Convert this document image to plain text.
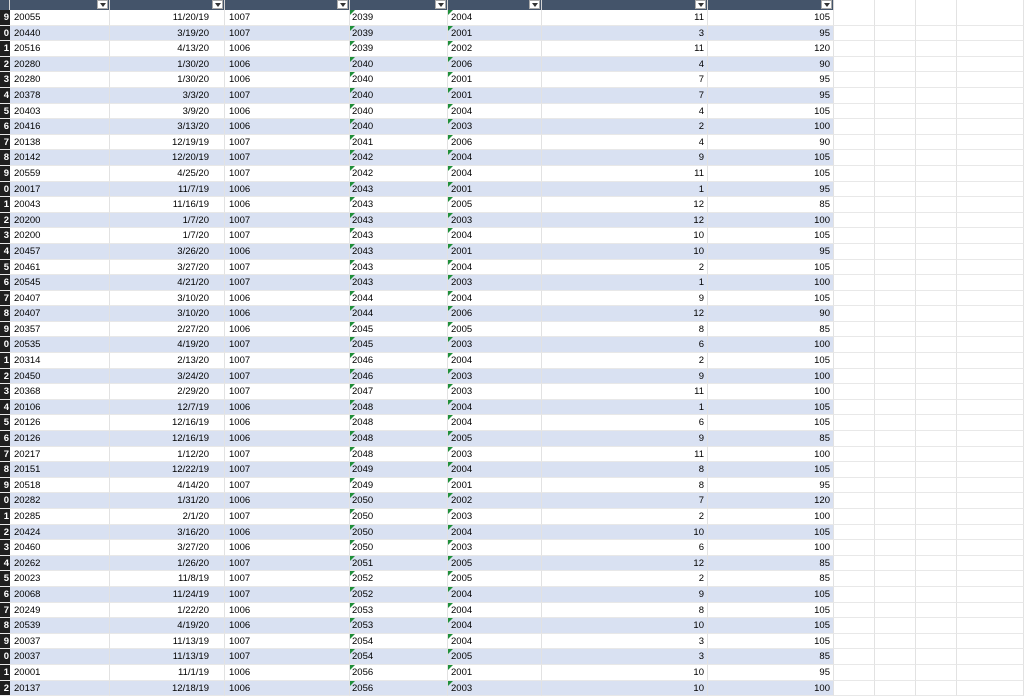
9 20055	11/20/19	1007	2039	2004	11	105
0 20440	3/19/20	1007	2039	2001	3	95
1 20516	4/13/20	1006	2039	2002	11	120
2 20280	1/30/20	1006	2040	2006	4	90
3 20280	1/30/20	1006	2040	2001	7	95
4 20378	3/3/20	1007	2040	2001	7	95
5 20403	3/9/20	1006	2040	2004	4	105
6 20416	3/13/20	1006	2040	2003	2	100
7 20138	12/19/19	1007	2041	2006	4	90
8 20142	12/20/19	1007	2042	2004	9	105
9 20559	4/25/20	1007	2042	2004	11	105
0 20017	11/7/19	1006	2043	2001	1	95
1 20043	11/16/19	1006	2043	2005	12	85
2 20200	1/7/20	1007	2043	2003	12	100
3 20200	1/7/20	1007	2043	2004	10	105
4 20457	3/26/20	1006	2043	2001	10	95
5 20461	3/27/20	1007	2043	2004	2	105
6 20545	4/21/20	1007	2043	2003	1	100
7 20407	3/10/20	1006	2044	2004	9	105
8 20407	3/10/20	1006	2044	2006	12	90
9 20357	2/27/20	1006	2045	2005	8	85
0 20535	4/19/20	1007	2045	2003	6	100
1 20314	2/13/20	1007	2046	2004	2	105
2 20450	3/24/20	1007	2046	2003	9	100
3 20368	2/29/20	1007	2047	2003	11	100
4 20106	12/7/19	1006	2048	2004	1	105
5 20126	12/16/19	1006	2048	2004	6	105
6 20126	12/16/19	1006	2048	2005	9	85
7 20217	1/12/20	1007	2048	2003	11	100
8 20151	12/22/19	1007	2049	2004	8	105
9 20518	4/14/20	1007	2049	2001	8	95
0 20282	1/31/20	1006	2050	2002	7	120
1 20285	2/1/20	1007	2050	2003	2	100
2 20424	3/16/20	1006	2050	2004	10	105
3 20460	3/27/20	1006	2050	2003	6	100
4 20262	1/26/20	1007	2051	2005	12	85
5 20023	11/8/19	1007	2052	2005	2	85
6 20068	11/24/19	1007	2052	2004	9	105
7 20249	1/22/20	1006	2053	2004	8	105
8 20539	4/19/20	1006	2053	2004	10	105
9 20037	11/13/19	1007	2054	2004	3	105
0 20037	11/13/19	1007	2054	2005	3	85
1 20001	11/1/19	1006	2056	2001	10	95
2 20137	12/18/19	1006	2056	2003	10	100
